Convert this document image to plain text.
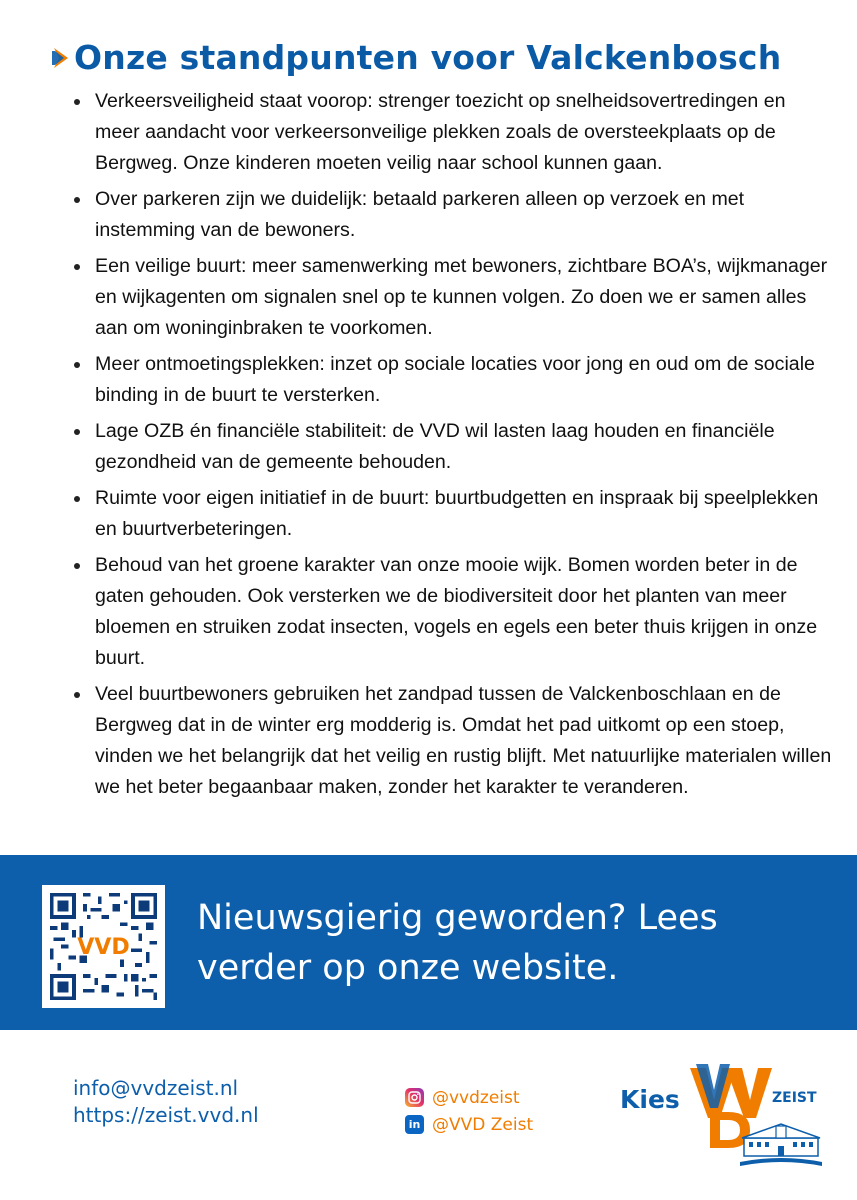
Onze standpunten voor Valckenbosch
Verkeersveiligheid staat voorop: strenger toezicht op snelheidsovertredingen en meer aandacht voor verkeersonveilige plekken zoals de oversteekplaats op de Bergweg. Onze kinderen moeten veilig naar school kunnen gaan.
Over parkeren zijn we duidelijk: betaald parkeren alleen op verzoek en met instemming van de bewoners.
Een veilige buurt: meer samenwerking met bewoners, zichtbare BOA’s, wijkmanager en wijkagenten om signalen snel op te kunnen volgen. Zo doen we er samen alles aan om woninginbraken te voorkomen.
Meer ontmoetingsplekken: inzet op sociale locaties voor jong en oud om de sociale binding in de buurt te versterken.
Lage OZB én financiële stabiliteit: de VVD wil lasten laag houden en financiële gezondheid van de gemeente behouden.
Ruimte voor eigen initiatief in de buurt: buurtbudgetten en inspraak bij speelplekken en buurtverbeteringen.
Behoud van het groene karakter van onze mooie wijk. Bomen worden beter in de gaten gehouden. Ook versterken we de biodiversiteit door het planten van meer bloemen en struiken zodat insecten, vogels en egels een beter thuis krijgen in onze buurt.
Veel buurtbewoners gebruiken het zandpad tussen de Valckenboschlaan en de Bergweg dat in de winter erg modderig is. Omdat het pad uitkomt op een stoep, vinden we het belangrijk dat het veilig en rustig blijft. Met natuurlijke materialen willen we het beter begaanbaar maken, zonder het karakter te veranderen.
VVD
Nieuwsgierig geworden? Lees
verder op onze website.
info@vvdzeist.nl
https://zeist.vvd.nl
@vvdzeist
in @VVD Zeist
Kies	ZEIST
